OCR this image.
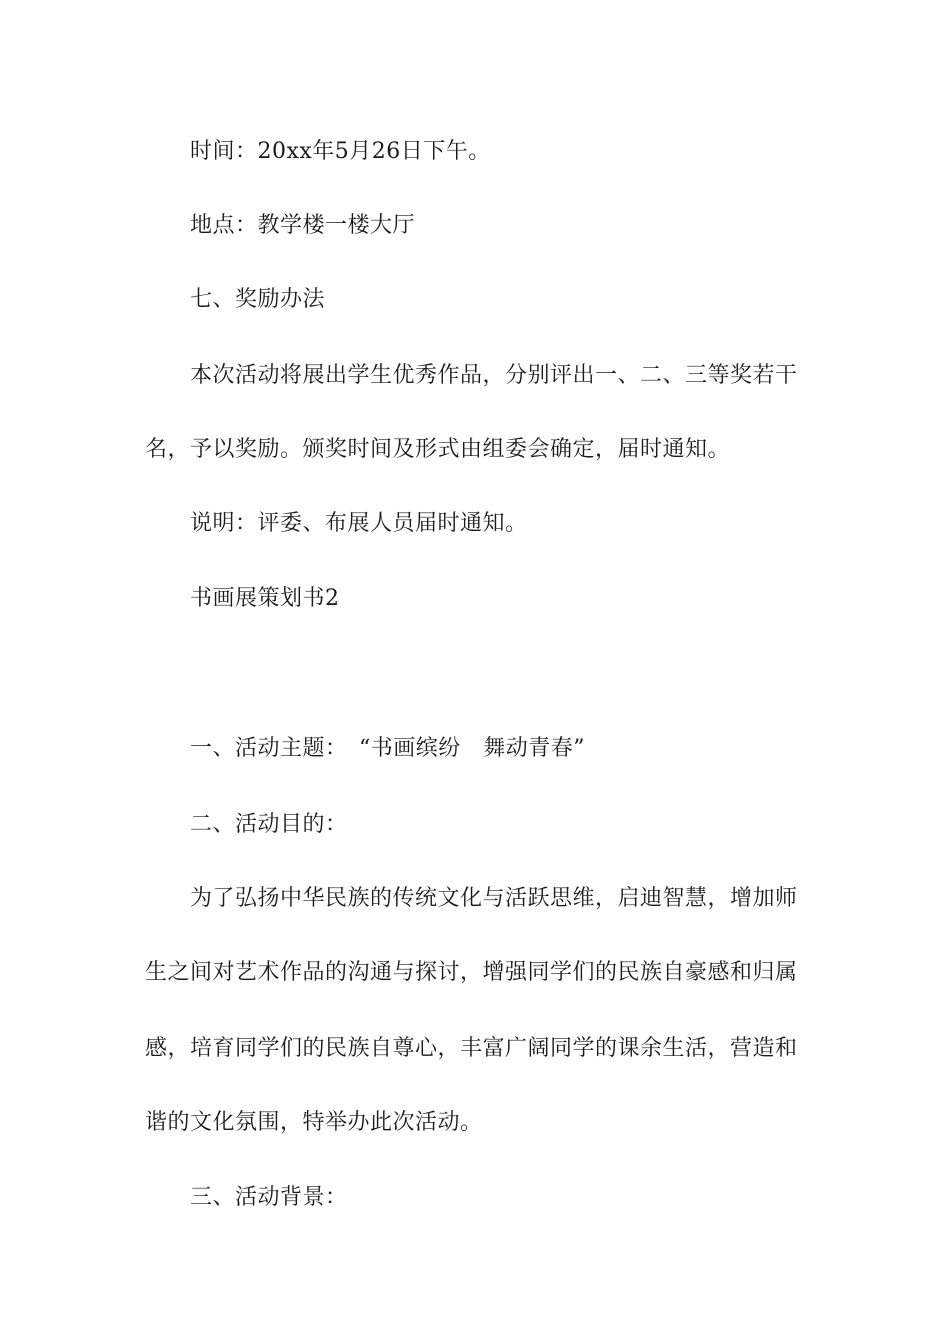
时间：20xx年5月26日下午。
地点：教学楼一楼大厅
七、奖励办法
本次活动将展出学生优秀作品，分别评出一、二、三等奖若干
名，予以奖励。颁奖时间及形式由组委会确定，届时通知。
说明：评委、布展人员届时通知。
书画展策划书2
一、活动主题：　“书画缤纷　舞动青春”
二、活动目的：
为了弘扬中华民族的传统文化与活跃思维，启迪智慧，增加师
生之间对艺术作品的沟通与探讨，增强同学们的民族自豪感和归属
感，培育同学们的民族自尊心，丰富广阔同学的课余生活，营造和
谐的文化氛围，特举办此次活动。
三、活动背景：
